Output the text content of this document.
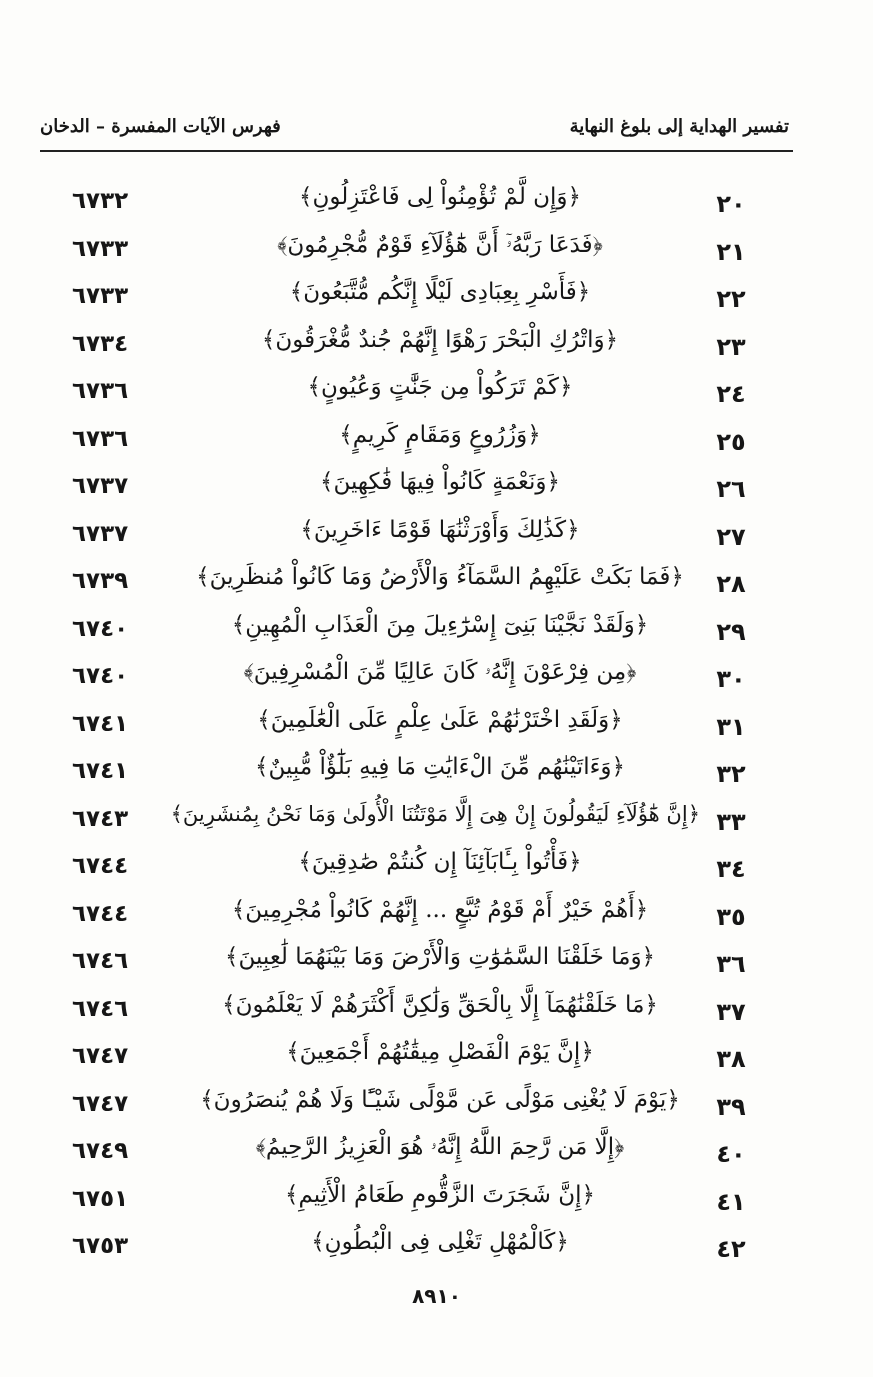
تفسير الهداية إلى بلوغ النهاية
فهرس الآيات المفسرة – الدخان
٢٠
﴿وَإِن لَّمْ تُؤْمِنُواْ لِى فَاعْتَزِلُونِ﴾
٦٧٣٢
٢١
﴿فَدَعَا رَبَّهُۥٓ أَنَّ هَٰٓؤُلَآءِ قَوْمٌ مُّجْرِمُونَ﴾
٦٧٣٣
٢٢
﴿فَأَسْرِ بِعِبَادِى لَيْلًا إِنَّكُم مُّتَّبَعُونَ﴾
٦٧٣٣
٢٣
﴿وَاتْرُكِ الْبَحْرَ رَهْوًا إِنَّهُمْ جُندٌ مُّغْرَقُونَ﴾
٦٧٣٤
٢٤
﴿كَمْ تَرَكُواْ مِن جَنَّٰتٍ وَعُيُونٍ﴾
٦٧٣٦
٢٥
﴿وَزُرُوعٍ وَمَقَامٍ كَرِيمٍ﴾
٦٧٣٦
٢٦
﴿وَنَعْمَةٍ كَانُواْ فِيهَا فَٰكِهِينَ﴾
٦٧٣٧
٢٧
﴿كَذَٰلِكَ وَأَوْرَثْنَٰهَا قَوْمًا ءَاخَرِينَ﴾
٦٧٣٧
٢٨
﴿فَمَا بَكَتْ عَلَيْهِمُ السَّمَآءُ وَالْأَرْضُ وَمَا كَانُواْ مُنظَرِينَ﴾
٦٧٣٩
٢٩
﴿وَلَقَدْ نَجَّيْنَا بَنِىٓ إِسْرَٰٓءِيلَ مِنَ الْعَذَابِ الْمُهِينِ﴾
٦٧٤٠
٣٠
﴿مِن فِرْعَوْنَ إِنَّهُۥ كَانَ عَالِيًا مِّنَ الْمُسْرِفِينَ﴾
٦٧٤٠
٣١
﴿وَلَقَدِ اخْتَرْنَٰهُمْ عَلَىٰ عِلْمٍ عَلَى الْعَٰلَمِينَ﴾
٦٧٤١
٣٢
﴿وَءَاتَيْنَٰهُم مِّنَ الْءَايَٰتِ مَا فِيهِ بَلَٰٓؤٌاْ مُّبِينٌ﴾
٦٧٤١
٣٣
﴿إِنَّ هَٰٓؤُلَآءِ لَيَقُولُونَ إِنْ هِىَ إِلَّا مَوْتَتُنَا الْأُولَىٰ وَمَا نَحْنُ بِمُنشَرِينَ﴾
٦٧٤٣
٣٤
﴿فَأْتُواْ بِـَٔابَآئِنَآ إِن كُنتُمْ صَٰدِقِينَ﴾
٦٧٤٤
٣٥
﴿أَهُمْ خَيْرٌ أَمْ قَوْمُ تُبَّعٍ ... إِنَّهُمْ كَانُواْ مُجْرِمِينَ﴾
٦٧٤٤
٣٦
﴿وَمَا خَلَقْنَا السَّمَٰوَٰتِ وَالْأَرْضَ وَمَا بَيْنَهُمَا لَٰعِبِينَ﴾
٦٧٤٦
٣٧
﴿مَا خَلَقْنَٰهُمَآ إِلَّا بِالْحَقِّ وَلَٰكِنَّ أَكْثَرَهُمْ لَا يَعْلَمُونَ﴾
٦٧٤٦
٣٨
﴿إِنَّ يَوْمَ الْفَصْلِ مِيقَٰتُهُمْ أَجْمَعِينَ﴾
٦٧٤٧
٣٩
﴿يَوْمَ لَا يُغْنِى مَوْلًى عَن مَّوْلًى شَيْـًٔا وَلَا هُمْ يُنصَرُونَ﴾
٦٧٤٧
٤٠
﴿إِلَّا مَن رَّحِمَ اللَّهُ إِنَّهُۥ هُوَ الْعَزِيزُ الرَّحِيمُ﴾
٦٧٤٩
٤١
﴿إِنَّ شَجَرَتَ الزَّقُّومِ طَعَامُ الْأَثِيمِ﴾
٦٧٥١
٤٢
﴿كَالْمُهْلِ تَغْلِى فِى الْبُطُونِ﴾
٦٧٥٣
٨٩١٠
